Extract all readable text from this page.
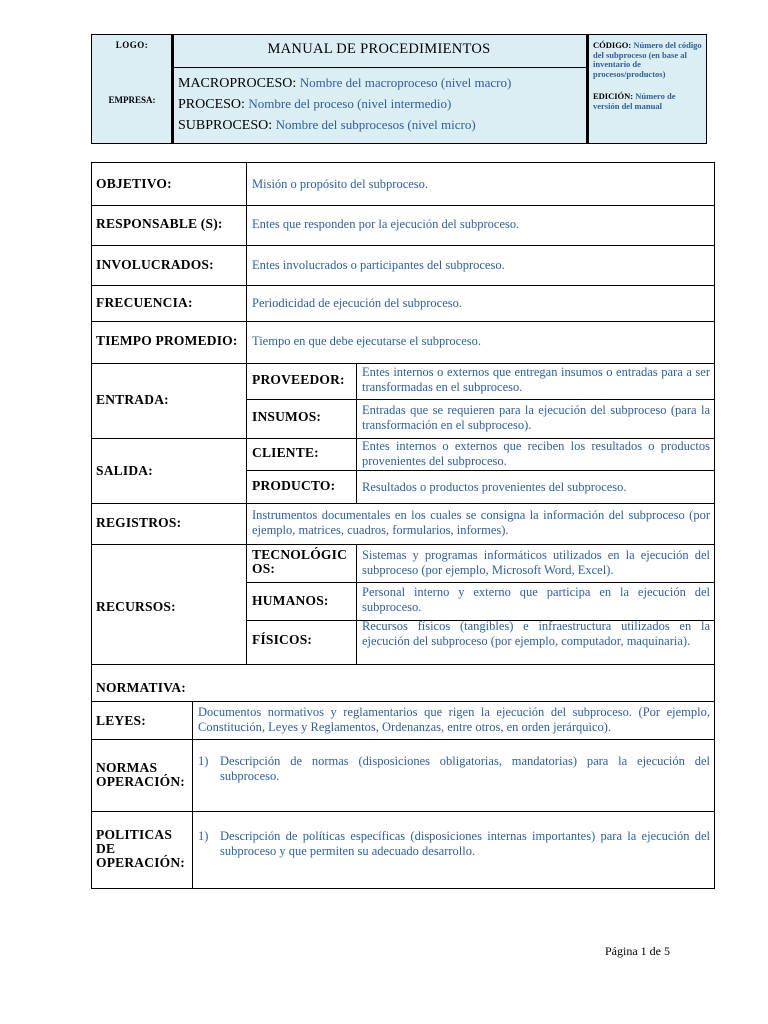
LOGO:
EMPRESA:
MANUAL DE PROCEDIMIENTOS
MACROPROCESO: Nombre del macroproceso (nivel macro)
PROCESO: Nombre del proceso (nivel intermedio)
SUBPROCESO: Nombre del subprocesos (nivel micro)
CÓDIGO: Número del código del subproceso (en base al inventario de procesos/productos)
EDICIÓN: Número de versión del manual
OBJETIVO:	Misión o propósito del subproceso.
RESPONSABLE (S): Entes que responden por la ejecución del subproceso.
INVOLUCRADOS:	Entes involucrados o participantes del subproceso.
FRECUENCIA:	Periodicidad de ejecución del subproceso.
TIEMPO PROMEDIO: Tiempo en que debe ejecutarse el subproceso.
ENTRADA:
PROVEEDOR: Entes internos o externos que entregan insumos o entradas para a ser transformadas en el subproceso.
INSUMOS:	Entradas que se requieren para la ejecución del subproceso (para la transformación en el subproceso).
SALIDA:
CLIENTE:	Entes internos o externos que reciben los resultados o productos provenientes del subproceso.
PRODUCTO: Resultados o productos provenientes del subproceso.
REGISTROS:	Instrumentos documentales en los cuales se consigna la información del subproceso (por ejemplo, matrices, cuadros, formularios, informes).
RECURSOS:
TECNOLÓGIC OS:
Sistemas y programas informáticos utilizados en la ejecución del subproceso (por ejemplo, Microsoft Word, Excel).
HUMANOS:
Personal interno y externo que participa en la ejecución del subproceso.
FÍSICOS:
Recursos físicos (tangibles) e infraestructura utilizados en la ejecución del subproceso (por ejemplo, computador, maquinaria).
NORMATIVA:
LEYES:
Documentos normativos y reglamentarios que rigen la ejecución del subproceso. (Por ejemplo, Constitución, Leyes y Reglamentos, Ordenanzas, entre otros, en orden jerárquico).
NORMAS OPERACIÓN:
1) Descripción de normas (disposiciones obligatorias, mandatorias) para la ejecución del subproceso.
POLITICAS DE OPERACIÓN:
1) Descripción de políticas específicas (disposiciones internas importantes) para la ejecución del subproceso y que permiten su adecuado desarrollo.
Página 1 de 5
